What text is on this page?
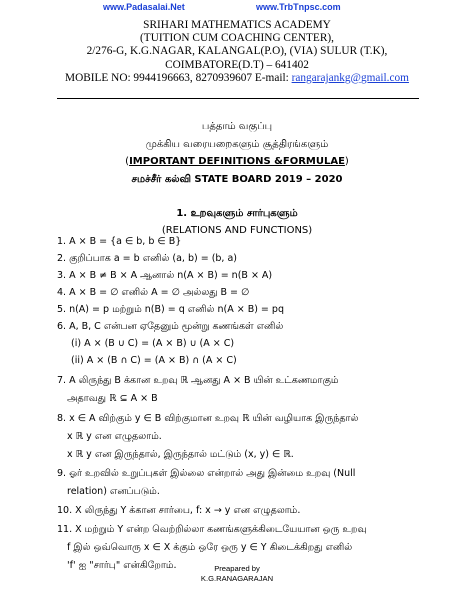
www.Padasalai.Net	www.TrbTnpsc.com
SRIHARI MATHEMATICS ACADEMY
(TUITION CUM COACHING CENTER),
2/276-G, K.G.NAGAR, KALANGAL(P.O), (VIA) SULUR (T.K),
COIMBATORE(D.T) – 641402
MOBILE NO: 9944196663, 8270939607 E-mail: rangarajankg@gmail.com
பத்தாம் வகுப்பு
முக்கிய வரையறைகளும் சூத்திரங்களும்
(IMPORTANT DEFINITIONS &FORMULAE)
சமச்சீர் கல்வி STATE BOARD 2019 – 2020
1. உறவுகளும் சார்புகளும்
(RELATIONS AND FUNCTIONS)
1. A × B = {a ∈ b, b ∈ B}
2. குறிப்பாக a = b எனில் (a, b) = (b, a)
3. A × B ≠ B × A ஆனால் n(A × B) = n(B × A)
4. A × B = ∅ எனில் A = ∅ அல்லது B = ∅
5. n(A) = p மற்றும் n(B) = q எனில் n(A × B) = pq
6. A, B, C என்பன ஏதேனும் மூன்று கணங்கள் எனில்
(i) A × (B ∪ C) = (A × B) ∪ (A × C)
(ii) A × (B ∩ C) = (A × B) ∩ (A × C)
7. A லிருந்து B க்கான உறவு ℝ ஆனது A × B யின் உட்கணமாகும்
அதாவது ℝ ⊆ A × B
8. x ∈ A விற்கும் y ∈ B விற்குமான உறவு ℝ யின் வழியாக இருந்தால்
x ℝ y என எழுதலாம்.
x ℝ y என இருந்தால், இருந்தால் மட்டும் (x, y) ∈ ℝ.
9. ஓர் உறவில் உறுப்புகள் இல்லை என்றால் அது இன்மை உறவு (Null
relation) எனப்படும்.
10. X லிருந்து Y க்கான சார்பை, f: x → y என எழுதலாம்.
11. X மற்றும் Y என்ற வெற்றில்லா கணங்களுக்கிடையேயான ஒரு உறவு
f இல் ஒவ்வொரு x ∈ X க்கும் ஒரே ஒரு y ∈ Y கிடைக்கிறது எனில்
'f' ஐ "சார்பு" என்கிறோம்.	Preapared by
K.G.RANAGARAJAN
